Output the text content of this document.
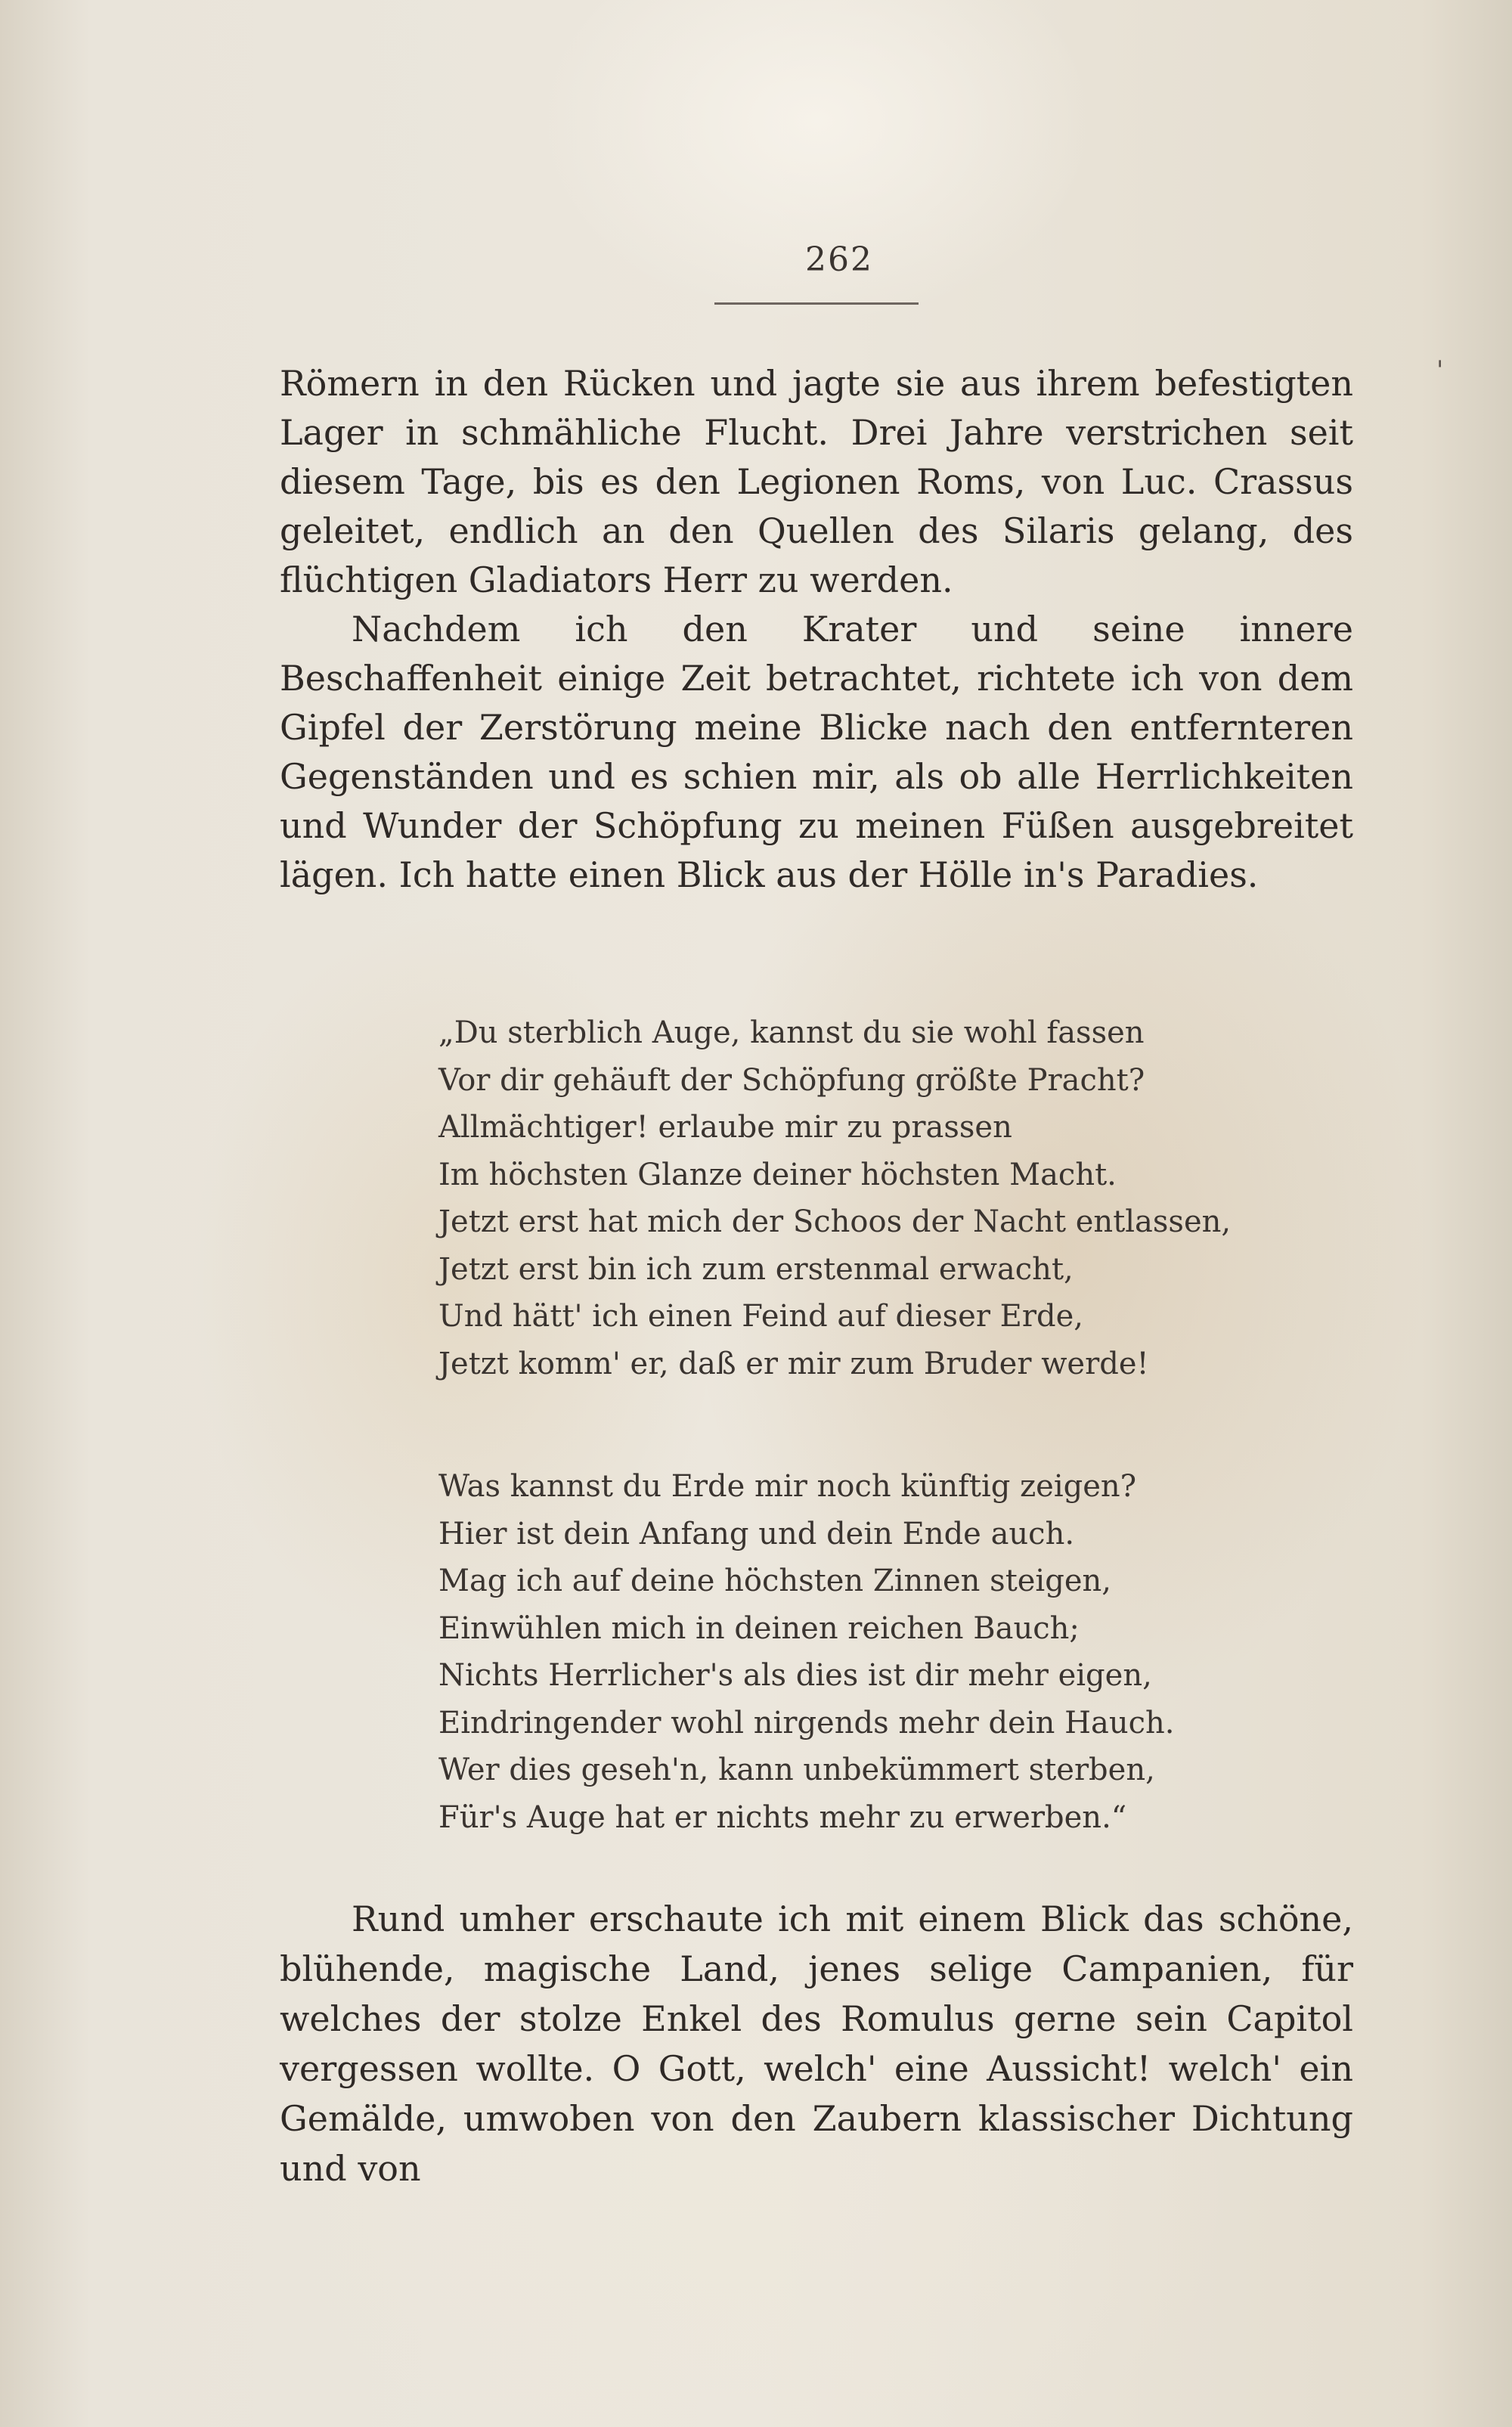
262
'

Römern in den Rücken und jagte sie aus ihrem befestigten Lager in schmähliche Flucht. Drei Jahre verstrichen seit diesem Tage, bis es den Legionen Roms, von Luc. Crassus geleitet, endlich an den Quellen des Silaris gelang, des flüchtigen Gladiators Herr zu werden.

Nachdem ich den Krater und seine innere Beschaffenheit einige Zeit betrachtet, richtete ich von dem Gipfel der Zerstörung meine Blicke nach den entfernteren Gegenständen und es schien mir, als ob alle Herrlichkeiten und Wunder der Schöpfung zu meinen Füßen ausgebreitet lägen. Ich hatte einen Blick aus der Hölle in's Paradies.

„Du sterblich Auge, kannst du sie wohl fassen
Vor dir gehäuft der Schöpfung größte Pracht?
Allmächtiger! erlaube mir zu prassen
Im höchsten Glanze deiner höchsten Macht.
Jetzt erst hat mich der Schoos der Nacht entlassen,
Jetzt erst bin ich zum erstenmal erwacht,
Und hätt' ich einen Feind auf dieser Erde,
Jetzt komm' er, daß er mir zum Bruder werde!
Was kannst du Erde mir noch künftig zeigen?
Hier ist dein Anfang und dein Ende auch.
Mag ich auf deine höchsten Zinnen steigen,
Einwühlen mich in deinen reichen Bauch;
Nichts Herrlicher's als dies ist dir mehr eigen,
Eindringender wohl nirgends mehr dein Hauch.
Wer dies geseh'n, kann unbekümmert sterben,
Für's Auge hat er nichts mehr zu erwerben.“

Rund umher erschaute ich mit einem Blick das schöne, blühende, magische Land, jenes selige Campanien, für welches der stolze Enkel des Romulus gerne sein Capitol vergessen wollte. O Gott, welch' eine Aussicht! welch' ein Gemälde, umwoben von den Zaubern klassischer Dichtung und von
